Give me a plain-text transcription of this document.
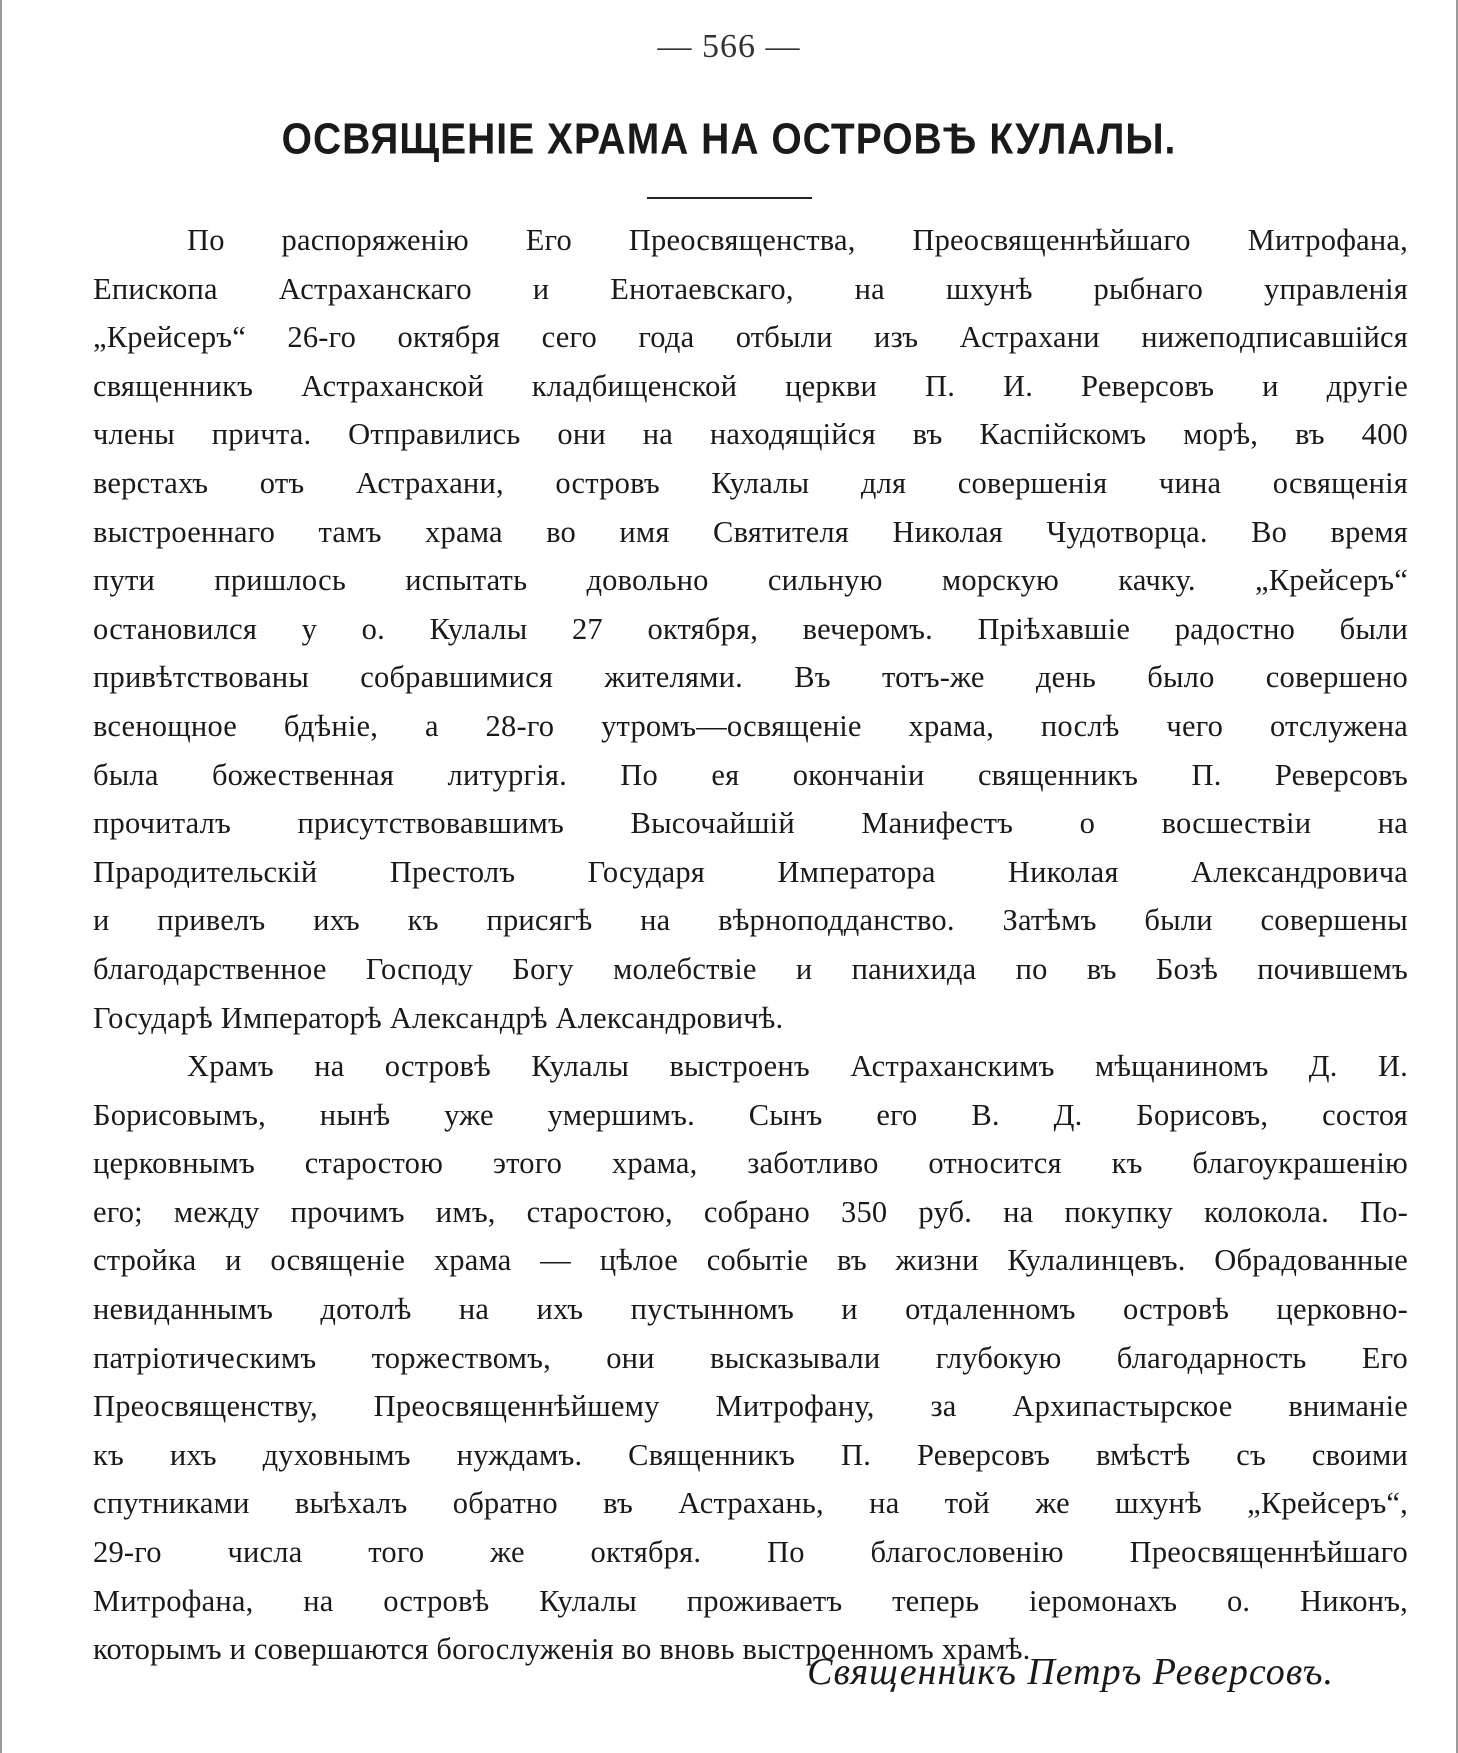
— 566 —
ОСВЯЩЕНІЕ ХРАМА НА ОСТРОВѢ КУЛАЛЫ.
По распоряженію Его Преосвященства, Преосвященнѣйшаго Митрофана,
Епископа Астраханскаго и Енотаевскаго, на шхунѣ рыбнаго управленія
„Крейсеръ“ 26-го октября сего года отбыли изъ Астрахани нижеподписавшійся
священникъ Астраханской кладбищенской церкви П. И. Реверсовъ и другіе
члены причта. Отправились они на находящійся въ Каспійскомъ морѣ, въ 400
верстахъ отъ Астрахани, островъ Кулалы для совершенія чина освященія
выстроеннаго тамъ храма во имя Святителя Николая Чудотворца. Во время
пути пришлось испытать довольно сильную морскую качку. „Крейсеръ“
остановился у о. Кулалы 27 октября, вечеромъ. Пріѣхавшіе радостно были
привѣтствованы собравшимися жителями. Въ тотъ-же день было совершено
всенощное бдѣніе, а 28-го утромъ—освященіе храма, послѣ чего отслужена
была божественная литургія. По ея окончаніи священникъ П. Реверсовъ
прочиталъ присутствовавшимъ Высочайшій Манифестъ о восшествіи на
Прародительскій Престолъ Государя Императора Николая Александровича
и привелъ ихъ къ присягѣ на вѣрноподданство. Затѣмъ были совершены
благодарственное Господу Богу молебствіе и панихида по въ Бозѣ почившемъ
Государѣ Императорѣ Александрѣ Александровичѣ.
Храмъ на островѣ Кулалы выстроенъ Астраханскимъ мѣщаниномъ Д. И.
Борисовымъ, нынѣ уже умершимъ. Сынъ его В. Д. Борисовъ, состоя
церковнымъ старостою этого храма, заботливо относится къ благоукрашенію
его; между прочимъ имъ, старостою, собрано 350 руб. на покупку колокола. По-
стройка и освященіе храма — цѣлое событіе въ жизни Кулалинцевъ. Обрадованные
невиданнымъ дотолѣ на ихъ пустынномъ и отдаленномъ островѣ церковно-
патріотическимъ торжествомъ, они высказывали глубокую благодарность Его
Преосвященству, Преосвященнѣйшему Митрофану, за Архипастырское вниманіе
къ ихъ духовнымъ нуждамъ. Священникъ П. Реверсовъ вмѣстѣ съ своими
спутниками выѣхалъ обратно въ Астрахань, на той же шхунѣ „Крейсеръ“,
29-го числа того же октября. По благословенію Преосвященнѣйшаго
Митрофана, на островѣ Кулалы проживаетъ теперь іеромонахъ о. Никонъ,
которымъ и совершаются богослуженія во вновь выстроенномъ храмѣ.
Священникъ Петръ Реверсовъ.
